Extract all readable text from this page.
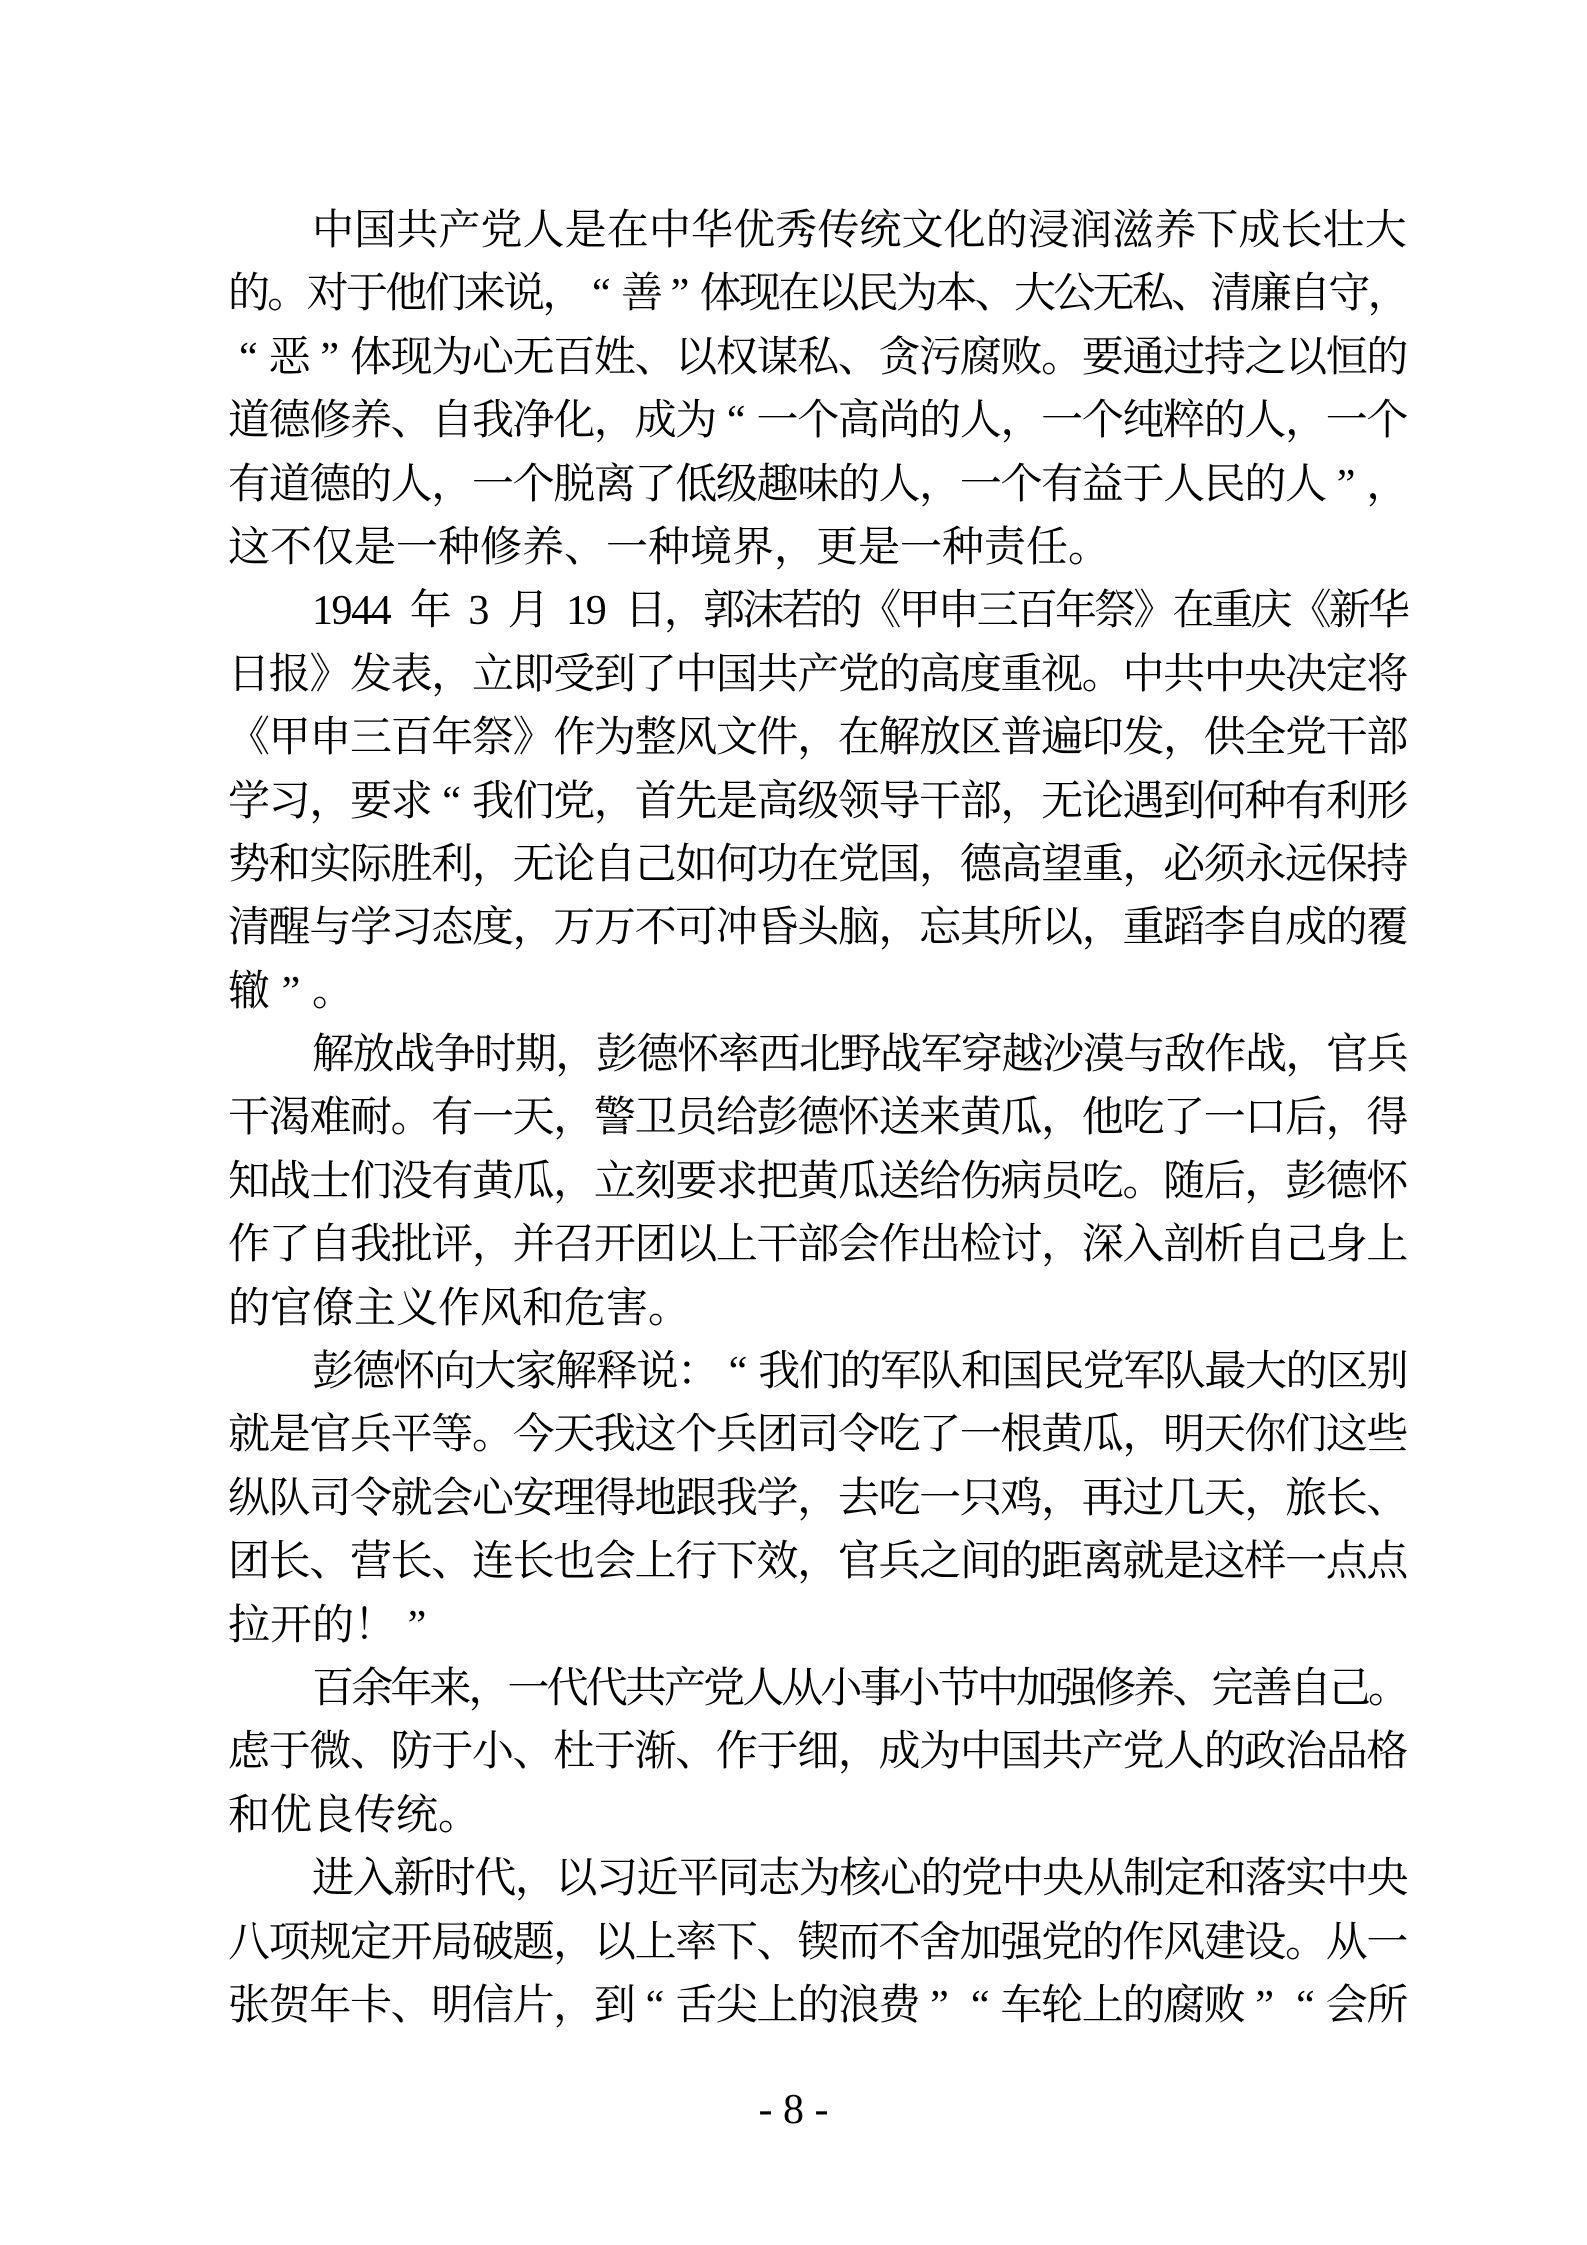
中 国 共 产 党 人 是 在 中 华 优 秀 传 统 文 化 的 浸 润 滋 养 下 成 长 壮 大
的
。
对
于
他
们
来
说
， “ 善 ” 体
现
在
以
民
为
本
、
大
公
无
私
、
清
廉
自
守
，
“ 恶 ” 体
现
为
心
无
百
姓
、
以
权
谋
私
、
贪
污
腐
败
。
要
通
过
持
之
以
恒
的
道
德
修
养
、
自
我
净
化
，
成
为 “ 一
个
高
尚
的
人
，
一
个
纯
粹
的
人
，
一
个
有
道
德
的
人
，
一
个
脱
离
了
低
级
趣
味
的
人
，
一
个
有
益
于
人
民
的
人 ” ，
这 不 仅 是 一 种 修 养 、 一 种 境 界 ， 更 是 一 种 责 任 。
1
9
4
4
年
3
月
1
9
日
，
郭
沫
若
的
《
甲
申
三
百
年
祭
》
在
重
庆
《
新
华
日
报
》
发
表
，
立
即
受
到
了
中
国
共
产
党
的
高
度
重
视
。
中
共
中
央
决
定
将
《
甲
申
三
百
年
祭
》
作
为
整
风
文
件
，
在
解
放
区
普
遍
印
发
，
供
全
党
干
部
学
习
，
要
求 “ 我
们
党
，
首
先
是
高
级
领
导
干
部
，
无
论
遇
到
何
种
有
利
形
势
和
实
际
胜
利
，
无
论
自
己
如
何
功
在
党
国
，
德
高
望
重
，
必
须
永
远
保
持
清
醒
与
学
习
态
度
，
万
万
不
可
冲
昏
头
脑
，
忘
其
所
以
，
重
蹈
李
自
成
的
覆
辙 ” 。
解
放
战
争
时
期
，
彭
德
怀
率
西
北
野
战
军
穿
越
沙
漠
与
敌
作
战
，
官
兵
干
渴
难
耐
。
有
一
天
，
警
卫
员
给
彭
德
怀
送
来
黄
瓜
，
他
吃
了
一
口
后
，
得
知
战
士
们
没
有
黄
瓜
，
立
刻
要
求
把
黄
瓜
送
给
伤
病
员
吃
。
随
后
，
彭
德
怀
作
了
自
我
批
评
，
并
召
开
团
以
上
干
部
会
作
出
检
讨
，
深
入
剖
析
自
己
身
上
的 官 僚 主 义 作 风 和 危 害 。
彭
德
怀
向
大
家
解
释
说
： “ 我
们
的
军
队
和
国
民
党
军
队
最
大
的
区
别
就
是
官
兵
平
等
。
今
天
我
这
个
兵
团
司
令
吃
了
一
根
黄
瓜
，
明
天
你
们
这
些
纵
队
司
令
就
会
心
安
理
得
地
跟
我
学
，
去
吃
一
只
鸡
，
再
过
几
天
，
旅
长
、
团
长
、
营
长
、
连
长
也
会
上
行
下
效
，
官
兵
之
间
的
距
离
就
是
这
样
一
点
点
拉 开 的 ！ ”
百
余
年
来
，
一
代
代
共
产
党
人
从
小
事
小
节
中
加
强
修
养
、
完
善
自
己
。
虑
于
微
、
防
于
小
、
杜
于
渐
、
作
于
细
，
成
为
中
国
共
产
党
人
的
政
治
品
格
和 优 良 传 统 。
进
入
新
时
代
，
以
习
近
平
同
志
为
核
心
的
党
中
央
从
制
定
和
落
实
中
央
八
项
规
定
开
局
破
题
，
以
上
率
下
、
锲
而
不
舍
加
强
党
的
作
风
建
设
。
从
一
张
贺
年
卡
、
明
信
片
，
到 “ 舌
尖
上
的
浪
费 ” “ 车
轮
上
的
腐
败 ” “ 会
所
- 8 -
